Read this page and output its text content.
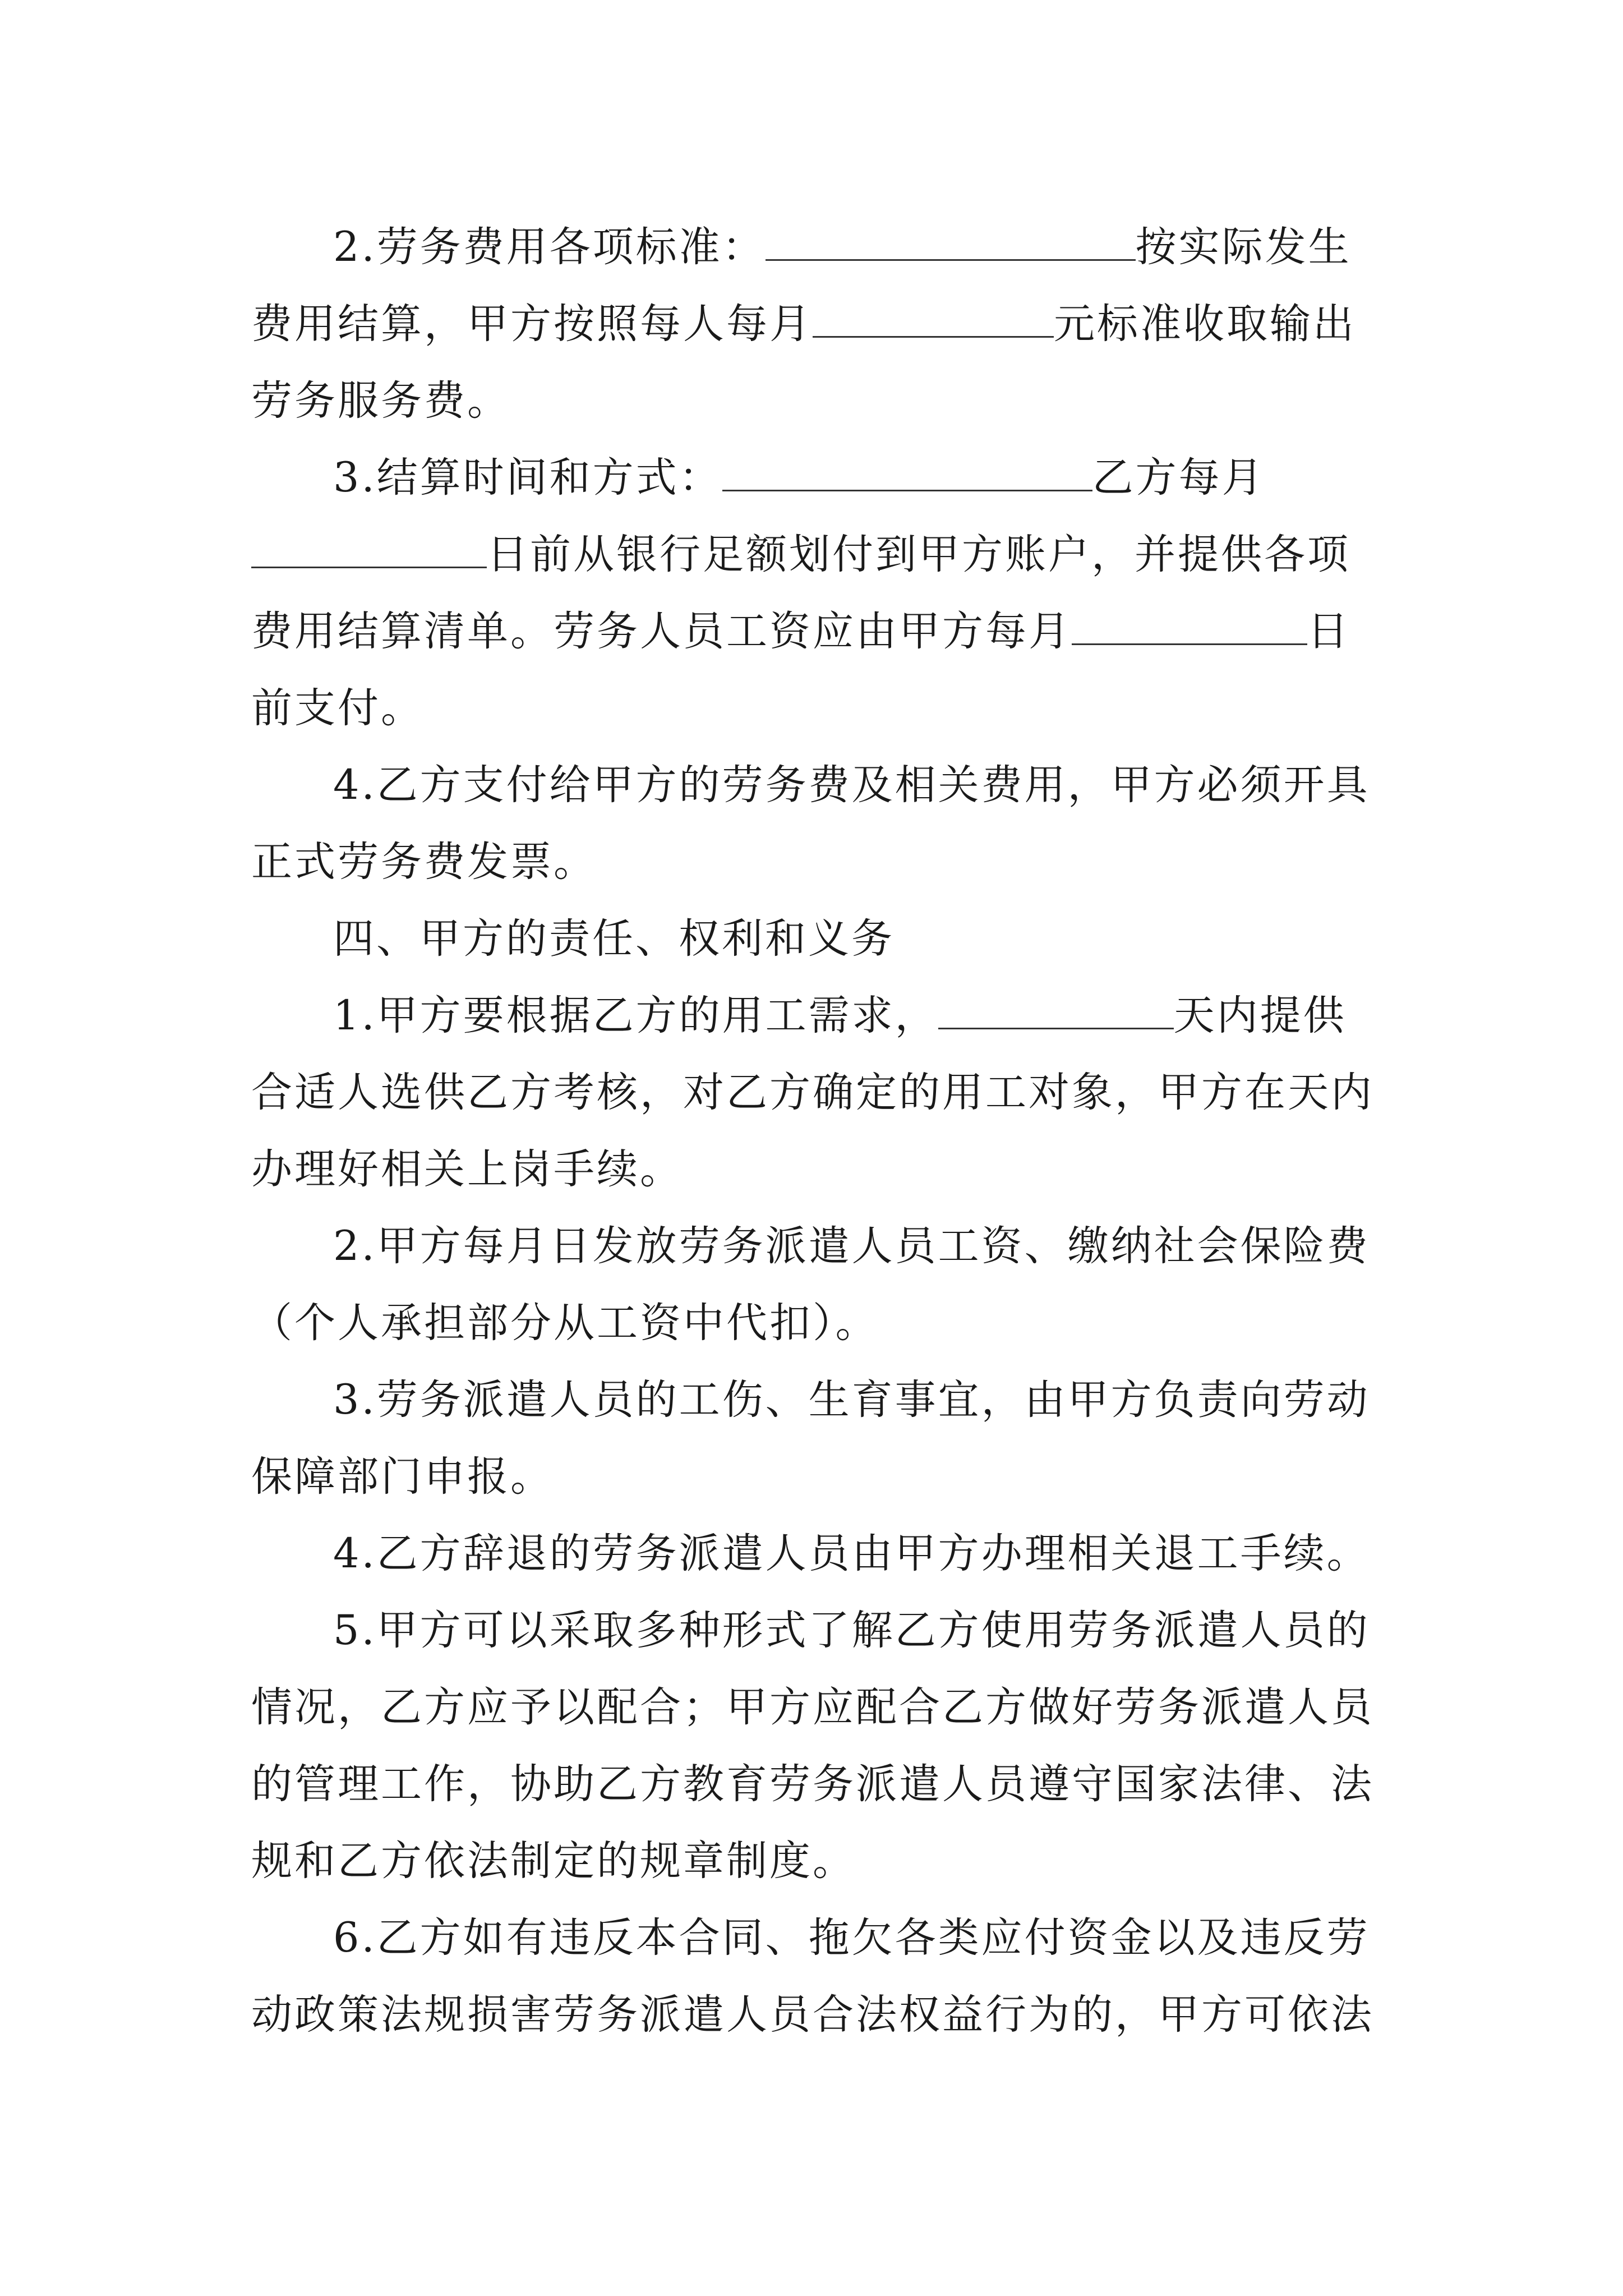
2.劳务费用各项标准：	按实际发生费用结算，甲方按照每人每月	元标准收取输出劳务服务费。

3.结算时间和方式：	乙方每月日前从银行足额划付到甲方账户，并提供各项费用结算清单。劳务人员工资应由甲方每月	日前支付。

4.乙方支付给甲方的劳务费及相关费用，甲方必须开具正式劳务费发票。

四、甲方的责任、权利和义务

1.甲方要根据乙方的用工需求，	天内提供合适人选供乙方考核，对乙方确定的用工对象，甲方在天内办理好相关上岗手续。

2.甲方每月日发放劳务派遣人员工资、缴纳社会保险费（个人承担部分从工资中代扣）。

3.劳务派遣人员的工伤、生育事宜，由甲方负责向劳动保障部门申报。

4.乙方辞退的劳务派遣人员由甲方办理相关退工手续。

5.甲方可以采取多种形式了解乙方使用劳务派遣人员的情况，乙方应予以配合；甲方应配合乙方做好劳务派遣人员的管理工作，协助乙方教育劳务派遣人员遵守国家法律、法规和乙方依法制定的规章制度。

6.乙方如有违反本合同、拖欠各类应付资金以及违反劳动政策法规损害劳务派遣人员合法权益行为的，甲方可依法
